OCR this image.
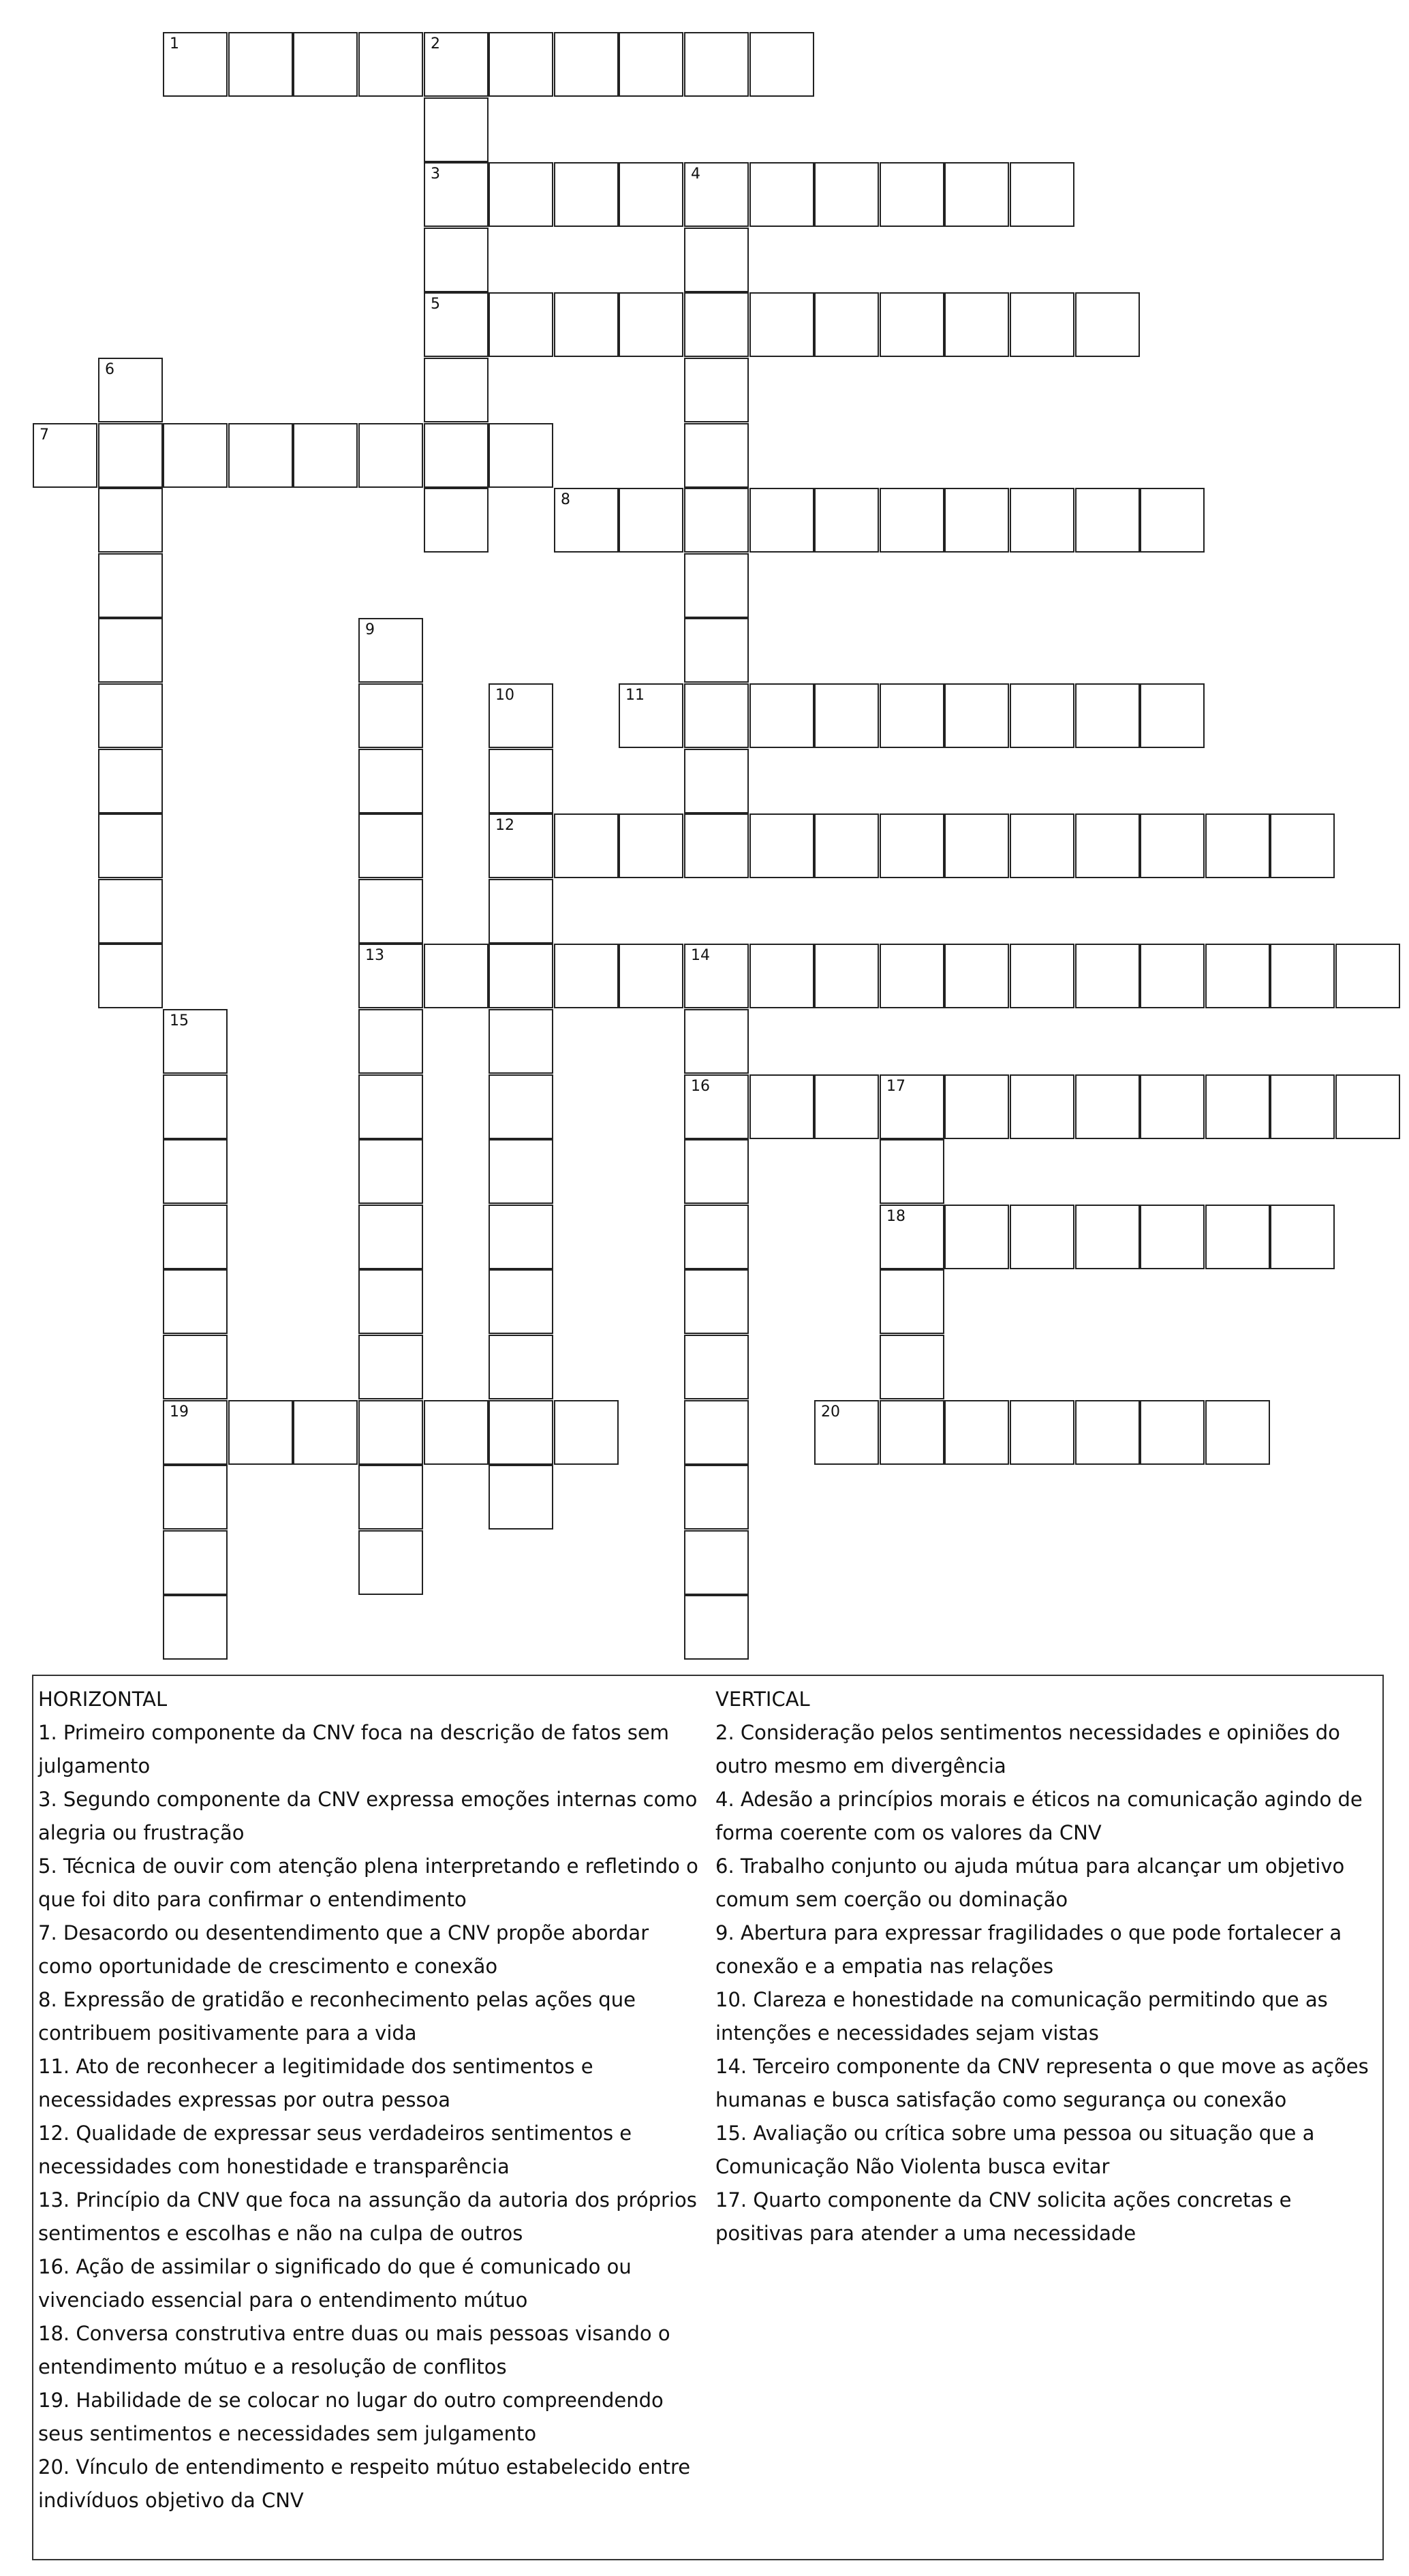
1	2
3	4
5
6
7
8
9
10	11
12
13	14
15
16	17
18
19	20
HORIZONTAL
1. Primeiro componente da CNV foca na descrição de fatos sem julgamento
3. Segundo componente da CNV expressa emoções internas como alegria ou frustração
5. Técnica de ouvir com atenção plena interpretando e refletindo o que foi dito para confirmar o entendimento
7. Desacordo ou desentendimento que a CNV propõe abordar como oportunidade de crescimento e conexão
8. Expressão de gratidão e reconhecimento pelas ações que contribuem positivamente para a vida
11. Ato de reconhecer a legitimidade dos sentimentos e necessidades expressas por outra pessoa
12. Qualidade de expressar seus verdadeiros sentimentos e necessidades com honestidade e transparência
13. Princípio da CNV que foca na assunção da autoria dos próprios sentimentos e escolhas e não na culpa de outros
16. Ação de assimilar o significado do que é comunicado ou vivenciado essencial para o entendimento mútuo
18. Conversa construtiva entre duas ou mais pessoas visando o entendimento mútuo e a resolução de conflitos
19. Habilidade de se colocar no lugar do outro compreendendo seus sentimentos e necessidades sem julgamento
20. Vínculo de entendimento e respeito mútuo estabelecido entre indivíduos objetivo da CNV
VERTICAL
2. Consideração pelos sentimentos necessidades e opiniões do outro mesmo em divergência
4. Adesão a princípios morais e éticos na comunicação agindo de forma coerente com os valores da CNV
6. Trabalho conjunto ou ajuda mútua para alcançar um objetivo comum sem coerção ou dominação
9. Abertura para expressar fragilidades o que pode fortalecer a conexão e a empatia nas relações
10. Clareza e honestidade na comunicação permitindo que as intenções e necessidades sejam vistas
14. Terceiro componente da CNV representa o que move as ações humanas e busca satisfação como segurança ou conexão
15. Avaliação ou crítica sobre uma pessoa ou situação que a Comunicação Não Violenta busca evitar
17. Quarto componente da CNV solicita ações concretas e positivas para atender a uma necessidade
